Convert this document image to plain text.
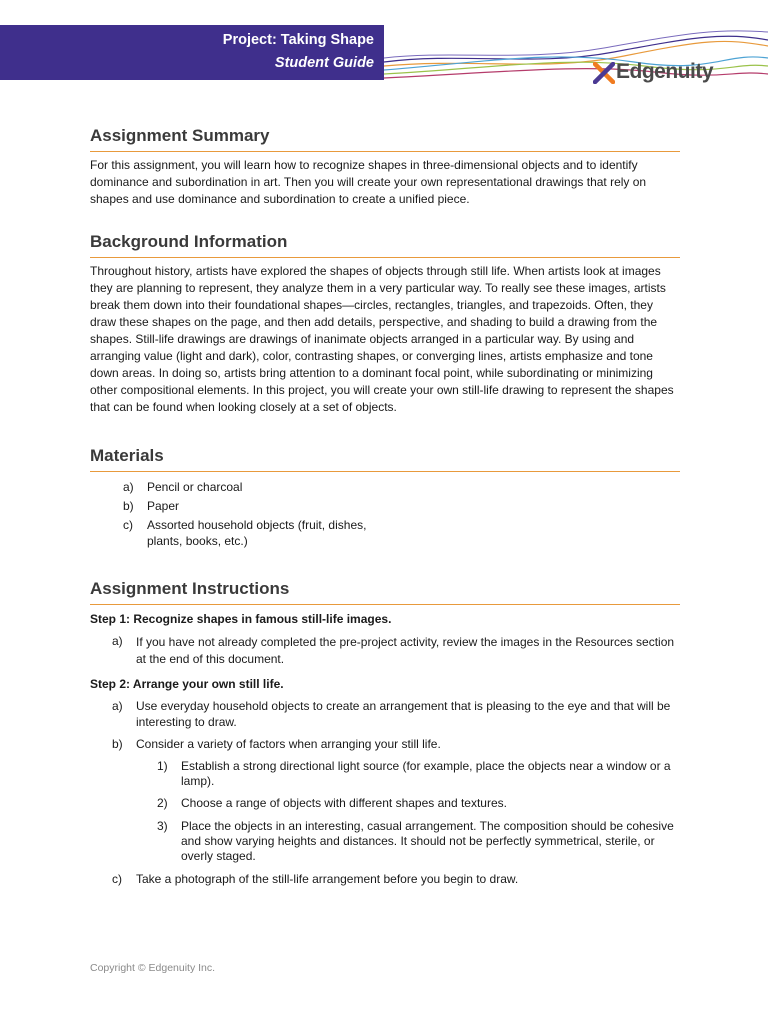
Project: Taking Shape
Student Guide	Edgenuity
Assignment Summary
For this assignment, you will learn how to recognize shapes in three-dimensional objects and to identify dominance and subordination in art. Then you will create your own representational drawings that rely on shapes and use dominance and subordination to create a unified piece.
Background Information
Throughout history, artists have explored the shapes of objects through still life. When artists look at images they are planning to represent, they analyze them in a very particular way. To really see these images, artists break them down into their foundational shapes—circles, rectangles, triangles, and trapezoids. Often, they draw these shapes on the page, and then add details, perspective, and shading to build a drawing from the shapes. Still-life drawings are drawings of inanimate objects arranged in a particular way. By using and arranging value (light and dark), color, contrasting shapes, or converging lines, artists emphasize and tone down areas. In doing so, artists bring attention to a dominant focal point, while subordinating or minimizing other compositional elements. In this project, you will create your own still-life drawing to represent the shapes that can be found when looking closely at a set of objects.
Materials
a) Pencil or charcoal
b) Paper
c) Assorted household objects (fruit, dishes, plants, books, etc.)
Assignment Instructions
Step 1: Recognize shapes in famous still-life images.
a) If you have not already completed the pre-project activity, review the images in the Resources section at the end of this document.
Step 2: Arrange your own still life.
a) Use everyday household objects to create an arrangement that is pleasing to the eye and that will be interesting to draw.
b) Consider a variety of factors when arranging your still life.
1) Establish a strong directional light source (for example, place the objects near a window or a lamp).
2) Choose a range of objects with different shapes and textures.
3) Place the objects in an interesting, casual arrangement. The composition should be cohesive and show varying heights and distances. It should not be perfectly symmetrical, sterile, or overly staged.
c) Take a photograph of the still-life arrangement before you begin to draw.
Copyright © Edgenuity Inc.
